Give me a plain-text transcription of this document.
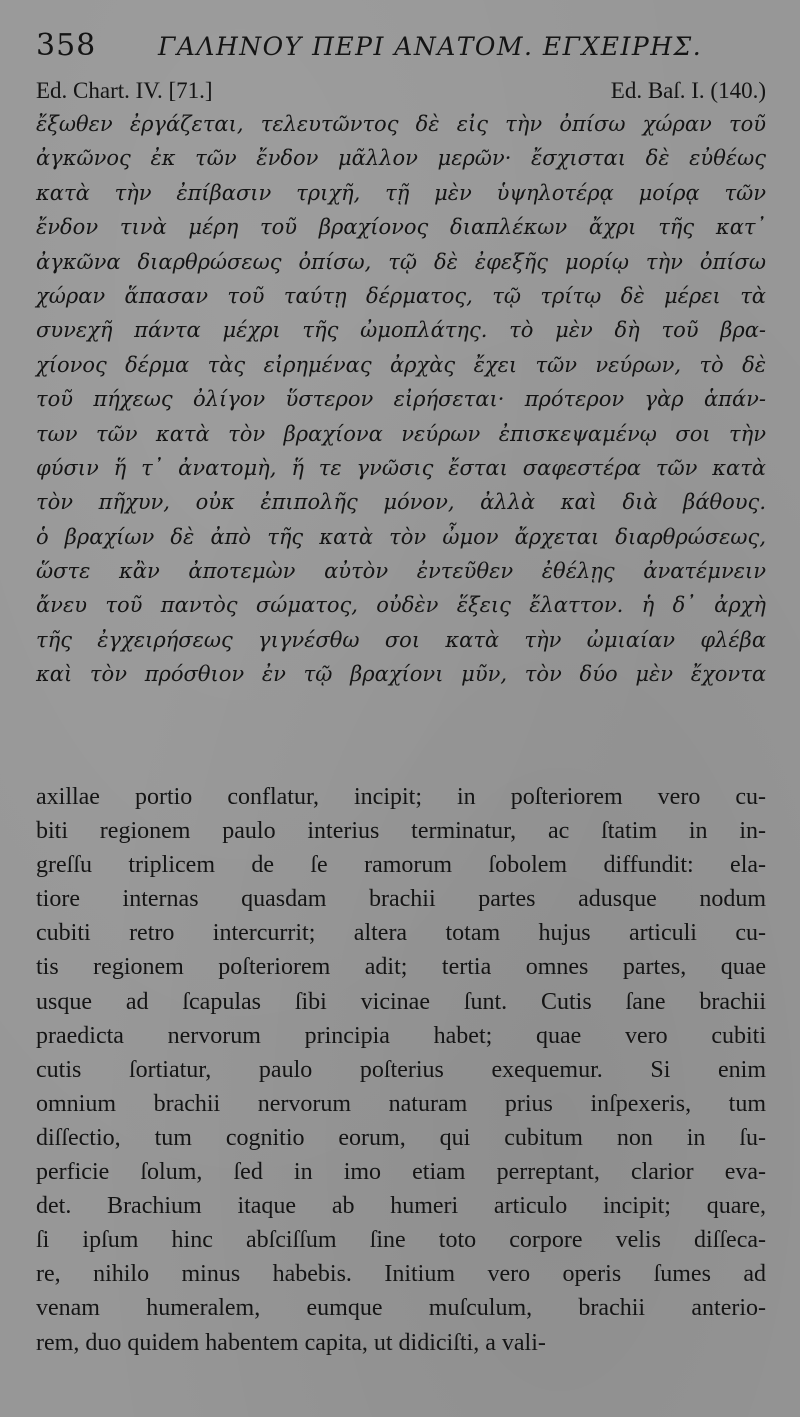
358 ΓΑΛΗΝΟΥ ΠΕΡΙ ΑΝΑΤΟΜ. ΕΓΧΕΙΡΗΣ.
Ed. Chart. IV. [71.]	Ed. Baſ. I. (140.)
ἔξωθεν ἐργάζεται, τελευτῶντος δὲ εἰς τὴν ὀπίσω χώραν τοῦ
ἀγκῶνος ἐκ τῶν ἔνδον μᾶλλον μερῶν· ἔσχισται δὲ εὐθέως
κατὰ τὴν ἐπίβασιν τριχῆ, τῇ μὲν ὑψηλοτέρᾳ μοίρᾳ τῶν
ἔνδον τινὰ μέρη τοῦ βραχίονος διαπλέκων ἄχρι τῆς κατ᾽
ἀγκῶνα διαρθρώσεως ὀπίσω, τῷ δὲ ἐφεξῆς μορίῳ τὴν ὀπίσω
χώραν ἅπασαν τοῦ ταύτῃ δέρματος, τῷ τρίτῳ δὲ μέρει τὰ
συνεχῆ πάντα μέχρι τῆς ὠμοπλάτης. τὸ μὲν δὴ τοῦ βρα-
χίονος δέρμα τὰς εἰρημένας ἀρχὰς ἔχει τῶν νεύρων, τὸ δὲ
τοῦ πήχεως ὀλίγον ὕστερον εἰρήσεται· πρότερον γὰρ ἁπάν-
των τῶν κατὰ τὸν βραχίονα νεύρων ἐπισκεψαμένῳ σοι τὴν
φύσιν ἥ τ᾽ ἀνατομὴ, ἥ τε γνῶσις ἔσται σαφεστέρα τῶν κατὰ
τὸν πῆχυν, οὐκ ἐπιπολῆς μόνον, ἀλλὰ καὶ διὰ βάθους.
ὁ βραχίων δὲ ἀπὸ τῆς κατὰ τὸν ὦμον ἄρχεται διαρθρώσεως,
ὥστε κἂν ἀποτεμὼν αὐτὸν ἐντεῦθεν ἐθέλῃς ἀνατέμνειν
ἄνευ τοῦ παντὸς σώματος, οὐδὲν ἕξεις ἔλαττον. ἡ δ᾽ ἀρχὴ
τῆς ἐγχειρήσεως γιγνέσθω σοι κατὰ τὴν ὠμιαίαν φλέβα
καὶ τὸν πρόσθιον ἐν τῷ βραχίονι μῦν, τὸν δύο μὲν ἔχοντα
axillae portio conflatur, incipit; in poſteriorem vero cu-
biti regionem paulo interius terminatur, ac ſtatim in in-
greſſu triplicem de ſe ramorum ſobolem diffundit: ela-
tiore internas quasdam brachii partes adusque nodum
cubiti retro intercurrit; altera totam hujus articuli cu-
tis regionem poſteriorem adit; tertia omnes partes, quae
usque ad ſcapulas ſibi vicinae ſunt. Cutis ſane brachii
praedicta nervorum principia habet; quae vero cubiti
cutis ſortiatur, paulo poſterius exequemur. Si enim
omnium brachii nervorum naturam prius inſpexeris, tum
diſſectio, tum cognitio eorum, qui cubitum non in ſu-
perficie ſolum, ſed in imo etiam perreptant, clarior eva-
det. Brachium itaque ab humeri articulo incipit; quare,
ſi ipſum hinc abſciſſum ſine toto corpore velis diſſeca-
re, nihilo minus habebis. Initium vero operis ſumes ad
venam humeralem, eumque muſculum, brachii anterio-
rem, duo quidem habentem capita, ut didiciſti, a vali-
